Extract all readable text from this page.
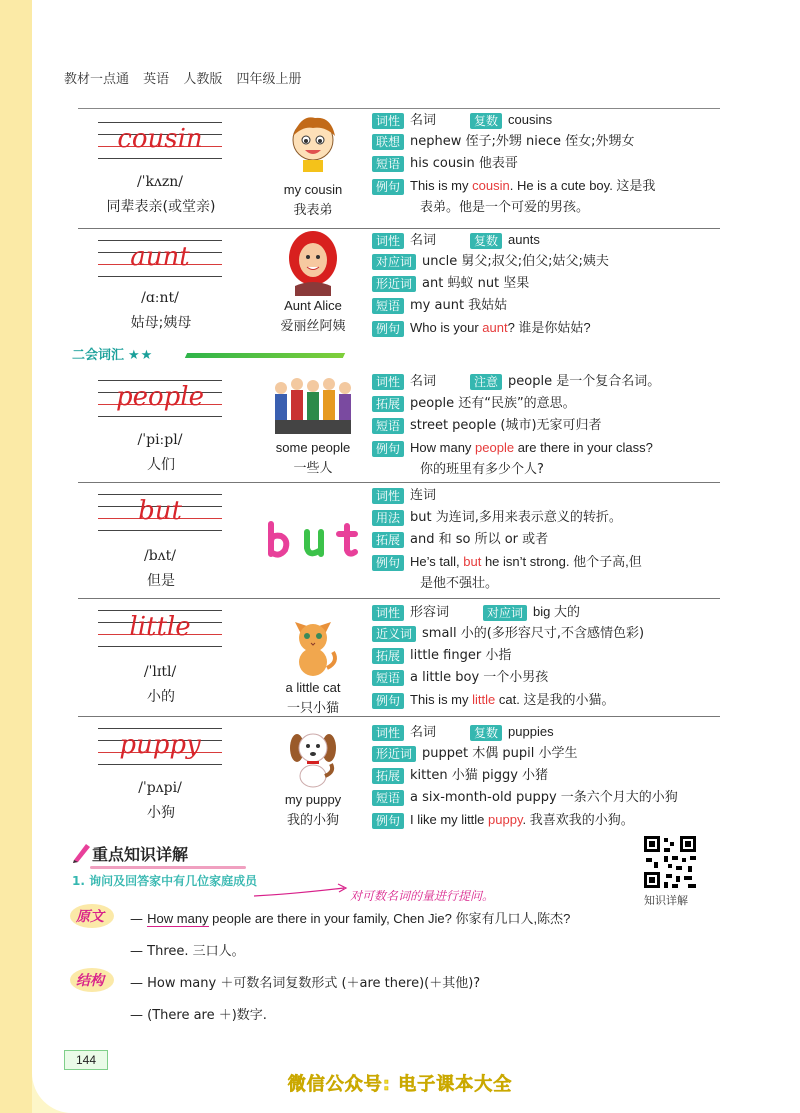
教材一点通 英语 人教版 四年级上册
cousin
/ˈkʌzn/
同辈表亲(或堂亲)
my cousin
我表弟
词性 名词	复数 cousins
联想 nephew 侄子;外甥 niece 侄女;外甥女
短语 his cousin 他表哥
例句 This is my cousin. He is a cute boy. 这是我
表弟。他是一个可爱的男孩。
aunt
/ɑːnt/
姑母;姨母
Aunt Alice
爱丽丝阿姨
词性 名词	复数 aunts
对应词 uncle 舅父;叔父;伯父;姑父;姨夫
形近词 ant 蚂蚁 nut 坚果
短语 my aunt 我姑姑
例句 Who is your aunt? 谁是你姑姑?
二会词汇 ★★
people
/ˈpiːpl/
人们
some people
一些人
词性 名词	注意 people 是一个复合名词。
拓展 people 还有“民族”的意思。
短语 street people (城市)无家可归者
例句 How many people are there in your class?
你的班里有多少个人?
but
/bʌt/
但是
词性 连词
用法 but 为连词,多用来表示意义的转折。
拓展 and 和 so 所以 or 或者
例句 He’s tall, but he isn’t strong. 他个子高,但
是他不强壮。
little
/ˈlɪtl/
小的
a little cat
一只小猫
词性 形容词	对应词 big 大的
近义词 small 小的(多形容尺寸,不含感情色彩)
拓展 little finger 小指
短语 a little boy 一个小男孩
例句 This is my little cat. 这是我的小猫。
puppy
/ˈpʌpi/
小狗
my puppy
我的小狗
词性 名词	复数 puppies
形近词 puppet 木偶 pupil 小学生
拓展 kitten 小猫 piggy 小猪
短语 a six-month-old puppy 一条六个月大的小狗
例句 I like my little puppy. 我喜欢我的小狗。
重点知识详解
知识详解
1. 询问及回答家中有几位家庭成员
对可数名词的量进行提问。
原文 — How many people are there in your family, Chen Jie? 你家有几口人,陈杰?
— Three. 三口人。
结构 — How many ＋可数名词复数形式 (＋are there)(＋其他)?
— (There are ＋)数字.
144
微信公众号: 电子课本大全
